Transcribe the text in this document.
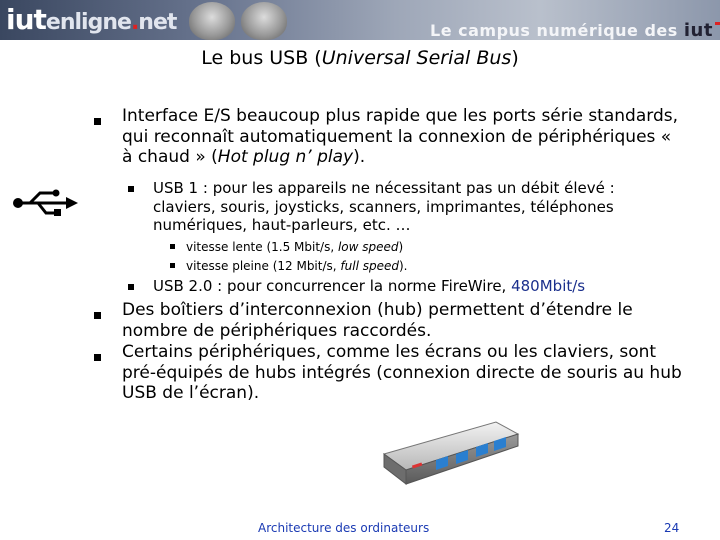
iutenligne.net	Le campus numérique des iut
Le bus USB (Universal Serial Bus)
Interface E/S beaucoup plus rapide que les ports série standards, qui reconnaît automatiquement la connexion de périphériques « à chaud » (Hot plug n’ play).
USB 1 : pour les appareils ne nécessitant pas un débit élevé : claviers, souris, joysticks, scanners, imprimantes, téléphones numériques, haut-parleurs, etc. …
vitesse lente (1.5 Mbit/s, low speed)
vitesse pleine (12 Mbit/s, full speed).
USB 2.0 : pour concurrencer la norme FireWire, 480Mbit/s
Des boîtiers d’interconnexion (hub) permettent d’étendre le nombre de périphériques raccordés.
Certains périphériques, comme les écrans ou les claviers, sont pré-équipés de hubs intégrés (connexion directe de souris au hub USB de l’écran).
Architecture des ordinateurs	24
